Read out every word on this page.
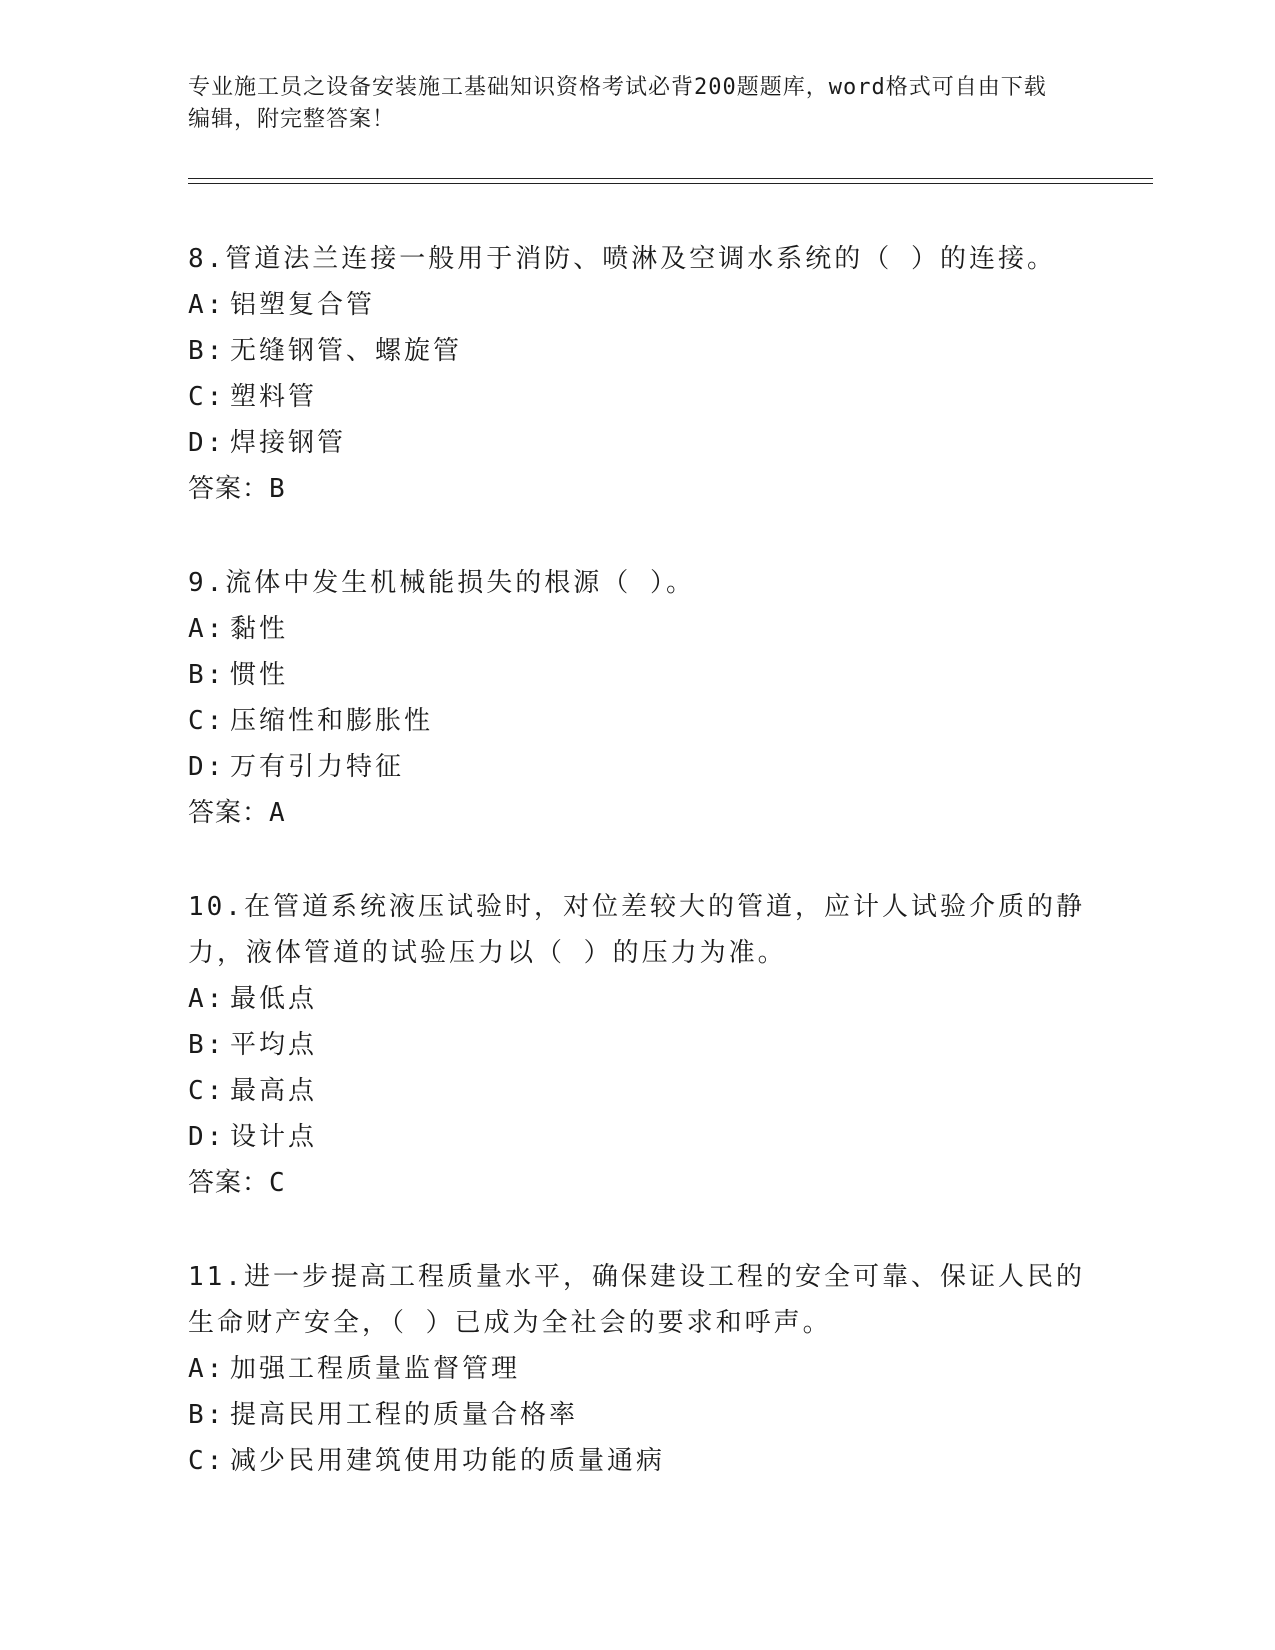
专业施工员之设备安装施工基础知识资格考试必背200题题库，word格式可自由下载编辑，附完整答案！
8.管道法兰连接一般用于消防、喷淋及空调水系统的（ ）的连接。
A: 铝塑复合管
B: 无缝钢管、螺旋管
C: 塑料管
D: 焊接钢管
答案：B
9.流体中发生机械能损失的根源（ ）。
A: 黏性
B: 惯性
C: 压缩性和膨胀性
D: 万有引力特征
答案：A
10.在管道系统液压试验时，对位差较大的管道，应计人试验介质的静力，液体管道的试验压力以（ ）的压力为准。
A: 最低点
B: 平均点
C: 最高点
D: 设计点
答案：C
11.进一步提高工程质量水平，确保建设工程的安全可靠、保证人民的生命财产安全，（ ）已成为全社会的要求和呼声。
A: 加强工程质量监督管理
B: 提高民用工程的质量合格率
C: 减少民用建筑使用功能的质量通病
